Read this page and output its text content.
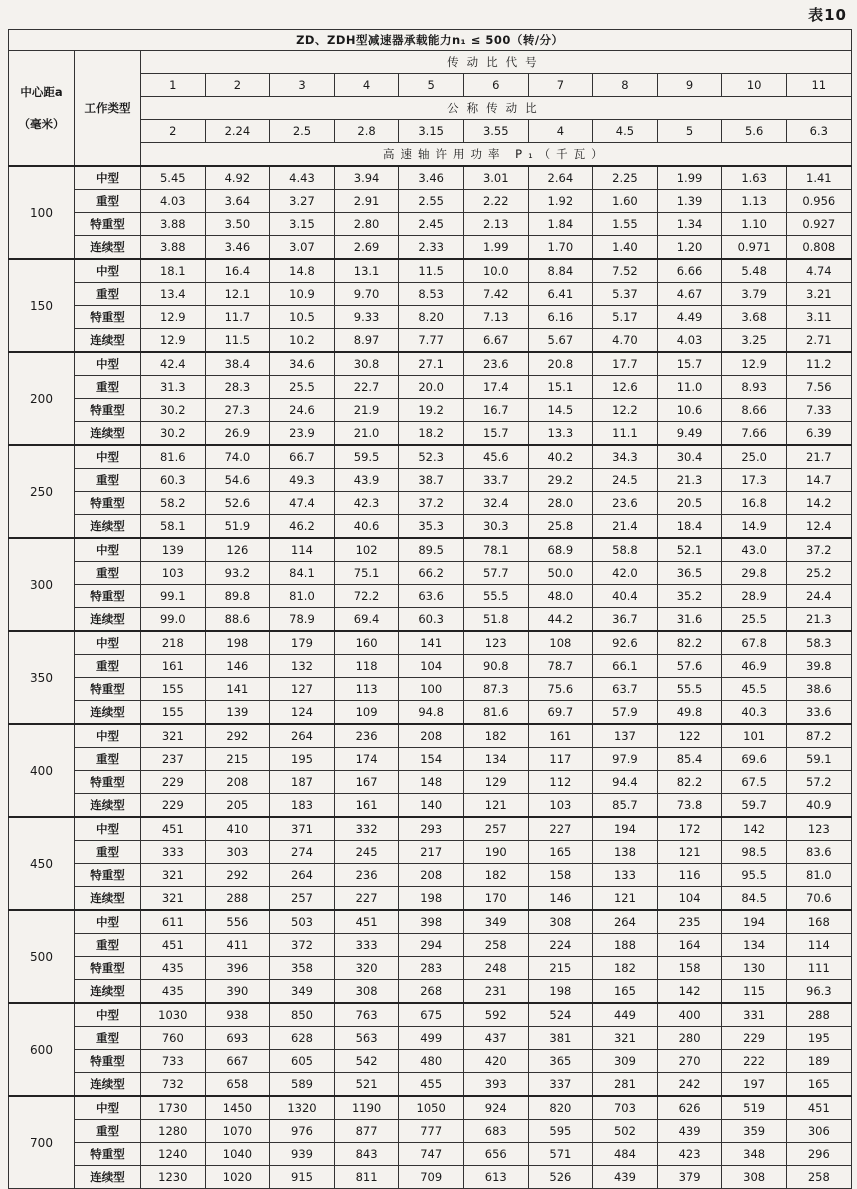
表10
ZD、ZDH型减速器承载能力n₁ ≤ 500（转/分）												

中心距a
（毫米）	工作类型	传动比代号										
		1	2	3	4	5	6	7	8	9	10	11
		公称传动比										
		2	2.24	2.5	2.8	3.15	3.55	4	4.5	5	5.6	6.3
		高速轴许用功率 P₁（千瓦）										
100	中型	5.45	4.92	4.43	3.94	3.46	3.01	2.64	2.25	1.99	1.63	1.41
	重型	4.03	3.64	3.27	2.91	2.55	2.22	1.92	1.60	1.39	1.13	0.956
	特重型	3.88	3.50	3.15	2.80	2.45	2.13	1.84	1.55	1.34	1.10	0.927
	连续型	3.88	3.46	3.07	2.69	2.33	1.99	1.70	1.40	1.20	0.971	0.808
150	中型	18.1	16.4	14.8	13.1	11.5	10.0	8.84	7.52	6.66	5.48	4.74
	重型	13.4	12.1	10.9	9.70	8.53	7.42	6.41	5.37	4.67	3.79	3.21
	特重型	12.9	11.7	10.5	9.33	8.20	7.13	6.16	5.17	4.49	3.68	3.11
	连续型	12.9	11.5	10.2	8.97	7.77	6.67	5.67	4.70	4.03	3.25	2.71
200	中型	42.4	38.4	34.6	30.8	27.1	23.6	20.8	17.7	15.7	12.9	11.2
	重型	31.3	28.3	25.5	22.7	20.0	17.4	15.1	12.6	11.0	8.93	7.56
	特重型	30.2	27.3	24.6	21.9	19.2	16.7	14.5	12.2	10.6	8.66	7.33
	连续型	30.2	26.9	23.9	21.0	18.2	15.7	13.3	11.1	9.49	7.66	6.39
250	中型	81.6	74.0	66.7	59.5	52.3	45.6	40.2	34.3	30.4	25.0	21.7
	重型	60.3	54.6	49.3	43.9	38.7	33.7	29.2	24.5	21.3	17.3	14.7
	特重型	58.2	52.6	47.4	42.3	37.2	32.4	28.0	23.6	20.5	16.8	14.2
	连续型	58.1	51.9	46.2	40.6	35.3	30.3	25.8	21.4	18.4	14.9	12.4
300	中型	139	126	114	102	89.5	78.1	68.9	58.8	52.1	43.0	37.2
	重型	103	93.2	84.1	75.1	66.2	57.7	50.0	42.0	36.5	29.8	25.2
	特重型	99.1	89.8	81.0	72.2	63.6	55.5	48.0	40.4	35.2	28.9	24.4
	连续型	99.0	88.6	78.9	69.4	60.3	51.8	44.2	36.7	31.6	25.5	21.3
350	中型	218	198	179	160	141	123	108	92.6	82.2	67.8	58.3
	重型	161	146	132	118	104	90.8	78.7	66.1	57.6	46.9	39.8
	特重型	155	141	127	113	100	87.3	75.6	63.7	55.5	45.5	38.6
	连续型	155	139	124	109	94.8	81.6	69.7	57.9	49.8	40.3	33.6
400	中型	321	292	264	236	208	182	161	137	122	101	87.2
	重型	237	215	195	174	154	134	117	97.9	85.4	69.6	59.1
	特重型	229	208	187	167	148	129	112	94.4	82.2	67.5	57.2
	连续型	229	205	183	161	140	121	103	85.7	73.8	59.7	40.9
450	中型	451	410	371	332	293	257	227	194	172	142	123
	重型	333	303	274	245	217	190	165	138	121	98.5	83.6
	特重型	321	292	264	236	208	182	158	133	116	95.5	81.0
	连续型	321	288	257	227	198	170	146	121	104	84.5	70.6
500	中型	611	556	503	451	398	349	308	264	235	194	168
	重型	451	411	372	333	294	258	224	188	164	134	114
	特重型	435	396	358	320	283	248	215	182	158	130	111
	连续型	435	390	349	308	268	231	198	165	142	115	96.3
600	中型	1030	938	850	763	675	592	524	449	400	331	288
	重型	760	693	628	563	499	437	381	321	280	229	195
	特重型	733	667	605	542	480	420	365	309	270	222	189
	连续型	732	658	589	521	455	393	337	281	242	197	165
700	中型	1730	1450	1320	1190	1050	924	820	703	626	519	451
	重型	1280	1070	976	877	777	683	595	502	439	359	306
	特重型	1240	1040	939	843	747	656	571	484	423	348	296
	连续型	1230	1020	915	811	709	613	526	439	379	308	258
